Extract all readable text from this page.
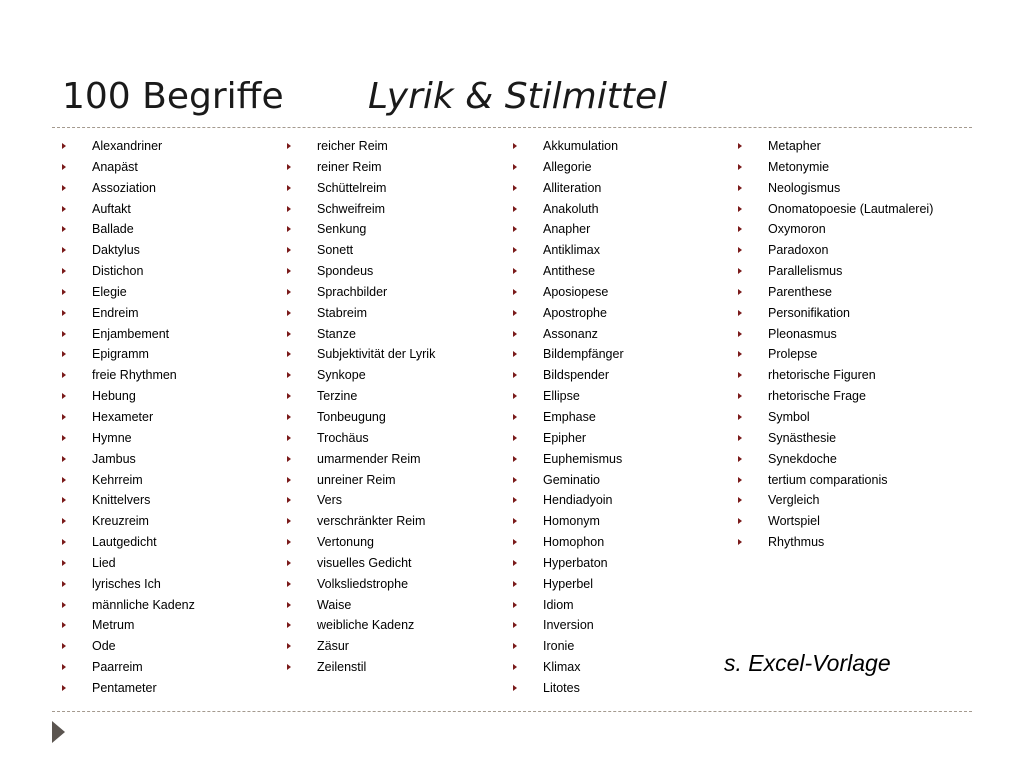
100 Begriffe Lyrik & Stilmittel
Alexandriner
Anapäst
Assoziation
Auftakt
Ballade
Daktylus
Distichon
Elegie
Endreim
Enjambement
Epigramm
freie Rhythmen
Hebung
Hexameter
Hymne
Jambus
Kehrreim
Knittelvers
Kreuzreim
Lautgedicht
Lied
lyrisches Ich
männliche Kadenz
Metrum
Ode
Paarreim
Pentameter
reicher Reim
reiner Reim
Schüttelreim
Schweifreim
Senkung
Sonett
Spondeus
Sprachbilder
Stabreim
Stanze
Subjektivität der Lyrik
Synkope
Terzine
Tonbeugung
Trochäus
umarmender Reim
unreiner Reim
Vers
verschränkter Reim
Vertonung
visuelles Gedicht
Volksliedstrophe
Waise
weibliche Kadenz
Zäsur
Zeilenstil
Akkumulation
Allegorie
Alliteration
Anakoluth
Anapher
Antiklimax
Antithese
Aposiopese
Apostrophe
Assonanz
Bildempfänger
Bildspender
Ellipse
Emphase
Epipher
Euphemismus
Geminatio
Hendiadyoin
Homonym
Homophon
Hyperbaton
Hyperbel
Idiom
Inversion
Ironie
Klimax
Litotes
Metapher
Metonymie
Neologismus
Onomatopoesie (Lautmalerei)
Oxymoron
Paradoxon
Parallelismus
Parenthese
Personifikation
Pleonasmus
Prolepse
rhetorische Figuren
rhetorische Frage
Symbol
Synästhesie
Synekdoche
tertium comparationis
Vergleich
Wortspiel
Rhythmus
s. Excel-Vorlage
